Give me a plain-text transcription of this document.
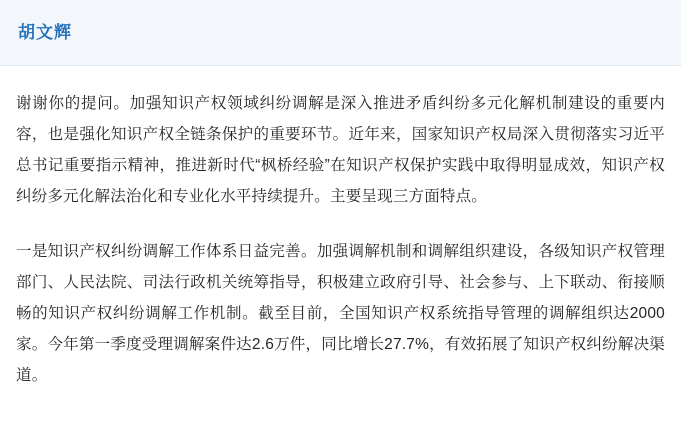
胡文辉

谢谢你的提问。加强知识产权领域纠纷调解是深入推进矛盾纠纷多元化解机制建设的重要内容，也是强化知识产权全链条保护的重要环节。近年来，国家知识产权局深入贯彻落实习近平总书记重要指示精神，推进新时代“枫桥经验”在知识产权保护实践中取得明显成效，知识产权纠纷多元化解法治化和专业化水平持续提升。主要呈现三方面特点。

一是知识产权纠纷调解工作体系日益完善。加强调解机制和调解组织建设，各级知识产权管理部门、人民法院、司法行政机关统筹指导，积极建立政府引导、社会参与、上下联动、衔接顺畅的知识产权纠纷调解工作机制。截至目前，全国知识产权系统指导管理的调解组织达2000家。今年第一季度受理调解案件达2.6万件，同比增长27.7%，有效拓展了知识产权纠纷解决渠道。
